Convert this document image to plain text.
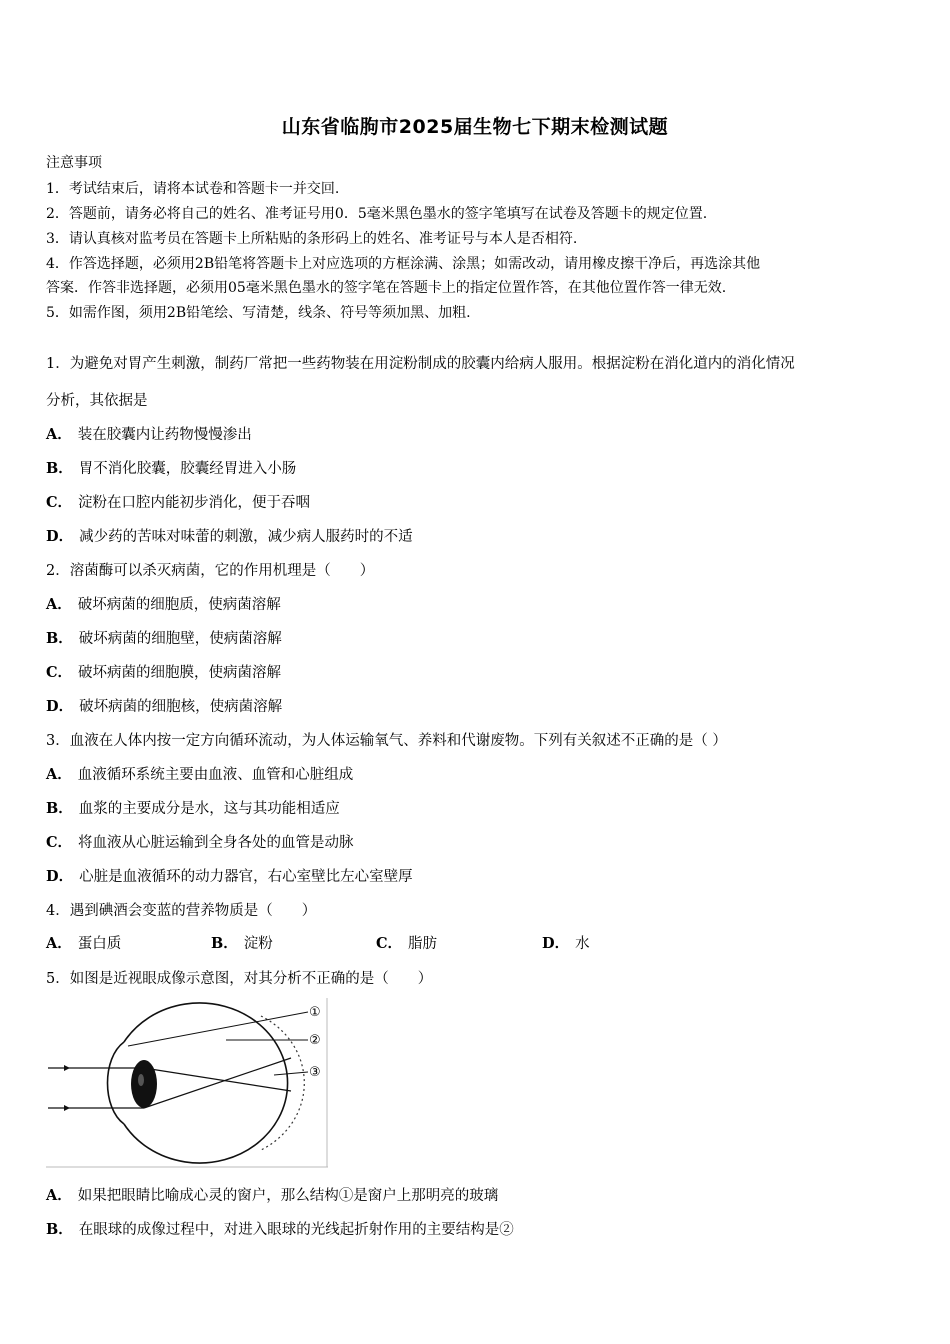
山东省临朐市2025届生物七下期末检测试题
注意事项
1．考试结束后，请将本试卷和答题卡一并交回.
2．答题前，请务必将自己的姓名、准考证号用0．5毫米黑色墨水的签字笔填写在试卷及答题卡的规定位置.
3．请认真核对监考员在答题卡上所粘贴的条形码上的姓名、准考证号与本人是否相符.
4．作答选择题，必须用2B铅笔将答题卡上对应选项的方框涂满、涂黑；如需改动，请用橡皮擦干净后，再选涂其他
答案．作答非选择题，必须用05毫米黑色墨水的签字笔在答题卡上的指定位置作答，在其他位置作答一律无效.
5．如需作图，须用2B铅笔绘、写清楚，线条、符号等须加黑、加粗.
1．为避免对胃产生刺激，制药厂常把一些药物装在用淀粉制成的胶囊内给病人服用。根据淀粉在消化道内的消化情况
分析，其依据是
A． 装在胶囊内让药物慢慢渗出
B． 胃不消化胶囊，胶囊经胃进入小肠
C． 淀粉在口腔内能初步消化，便于吞咽
D． 减少药的苦味对味蕾的刺激，减少病人服药时的不适
2．溶菌酶可以杀灭病菌，它的作用机理是（　　）
A． 破坏病菌的细胞质，使病菌溶解
B． 破坏病菌的细胞壁，使病菌溶解
C． 破坏病菌的细胞膜，使病菌溶解
D． 破坏病菌的细胞核，使病菌溶解
3．血液在人体内按一定方向循环流动，为人体运输氧气、养料和代谢废物。下列有关叙述不正确的是（ ）
A． 血液循环系统主要由血液、血管和心脏组成
B． 血浆的主要成分是水，这与其功能相适应
C． 将血液从心脏运输到全身各处的血管是动脉
D． 心脏是血液循环的动力器官，右心室壁比左心室壁厚
4．遇到碘酒会变蓝的营养物质是（　　）
A． 蛋白质	B． 淀粉	C． 脂肪	D． 水
5．如图是近视眼成像示意图，对其分析不正确的是（　　）
①
②
③
A． 如果把眼睛比喻成心灵的窗户，那么结构①是窗户上那明亮的玻璃
B． 在眼球的成像过程中，对进入眼球的光线起折射作用的主要结构是②
